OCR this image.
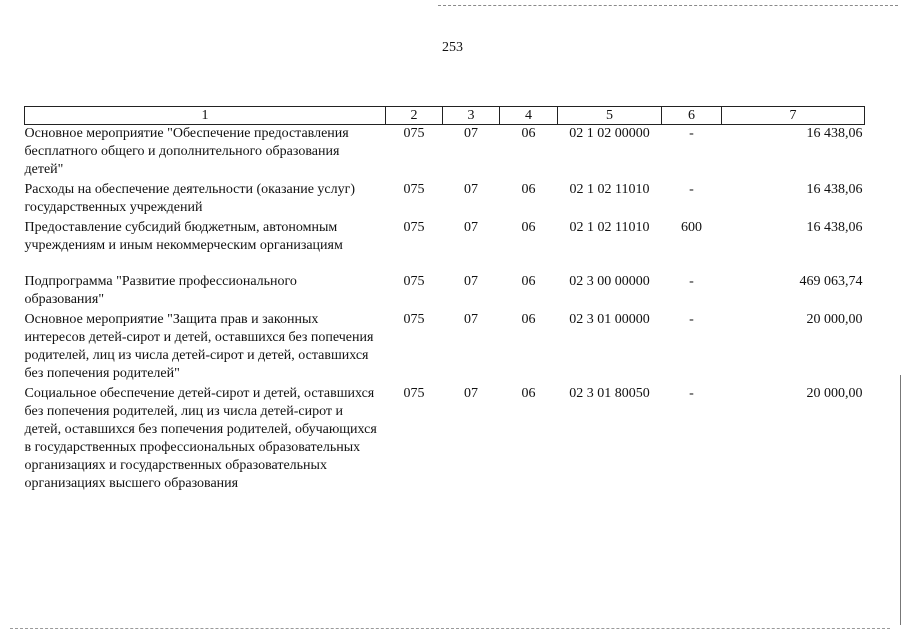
253
1	2	3	4	5	6	7
Основное мероприятие "Обеспечение предоставления бесплатного общего и дополнительного образования детей"	075	07	06	02 1 02 00000	-	16 438,06
Расходы на обеспечение деятельности (оказание услуг) государственных учреждений	075	07	06	02 1 02 11010	-	16 438,06
Предоставление субсидий бюджетным, автономным учреждениям и иным некоммерческим организациям	075	07	06	02 1 02 11010	600	16 438,06
Подпрограмма "Развитие профессионального образования"	075	07	06	02 3 00 00000	-	469 063,74
Основное мероприятие "Защита прав и законных интересов детей-сирот и детей, оставшихся без попечения родителей, лиц из числа детей-сирот и детей, оставшихся без попечения родителей"	075	07	06	02 3 01 00000	-	20 000,00
Социальное обеспечение детей-сирот и детей, оставшихся без попечения родителей, лиц из числа детей-сирот и детей, оставшихся без попечения родителей, обучающихся в государственных профессиональных образовательных организациях и государственных образовательных организациях высшего образования	075	07	06	02 3 01 80050	-	20 000,00
